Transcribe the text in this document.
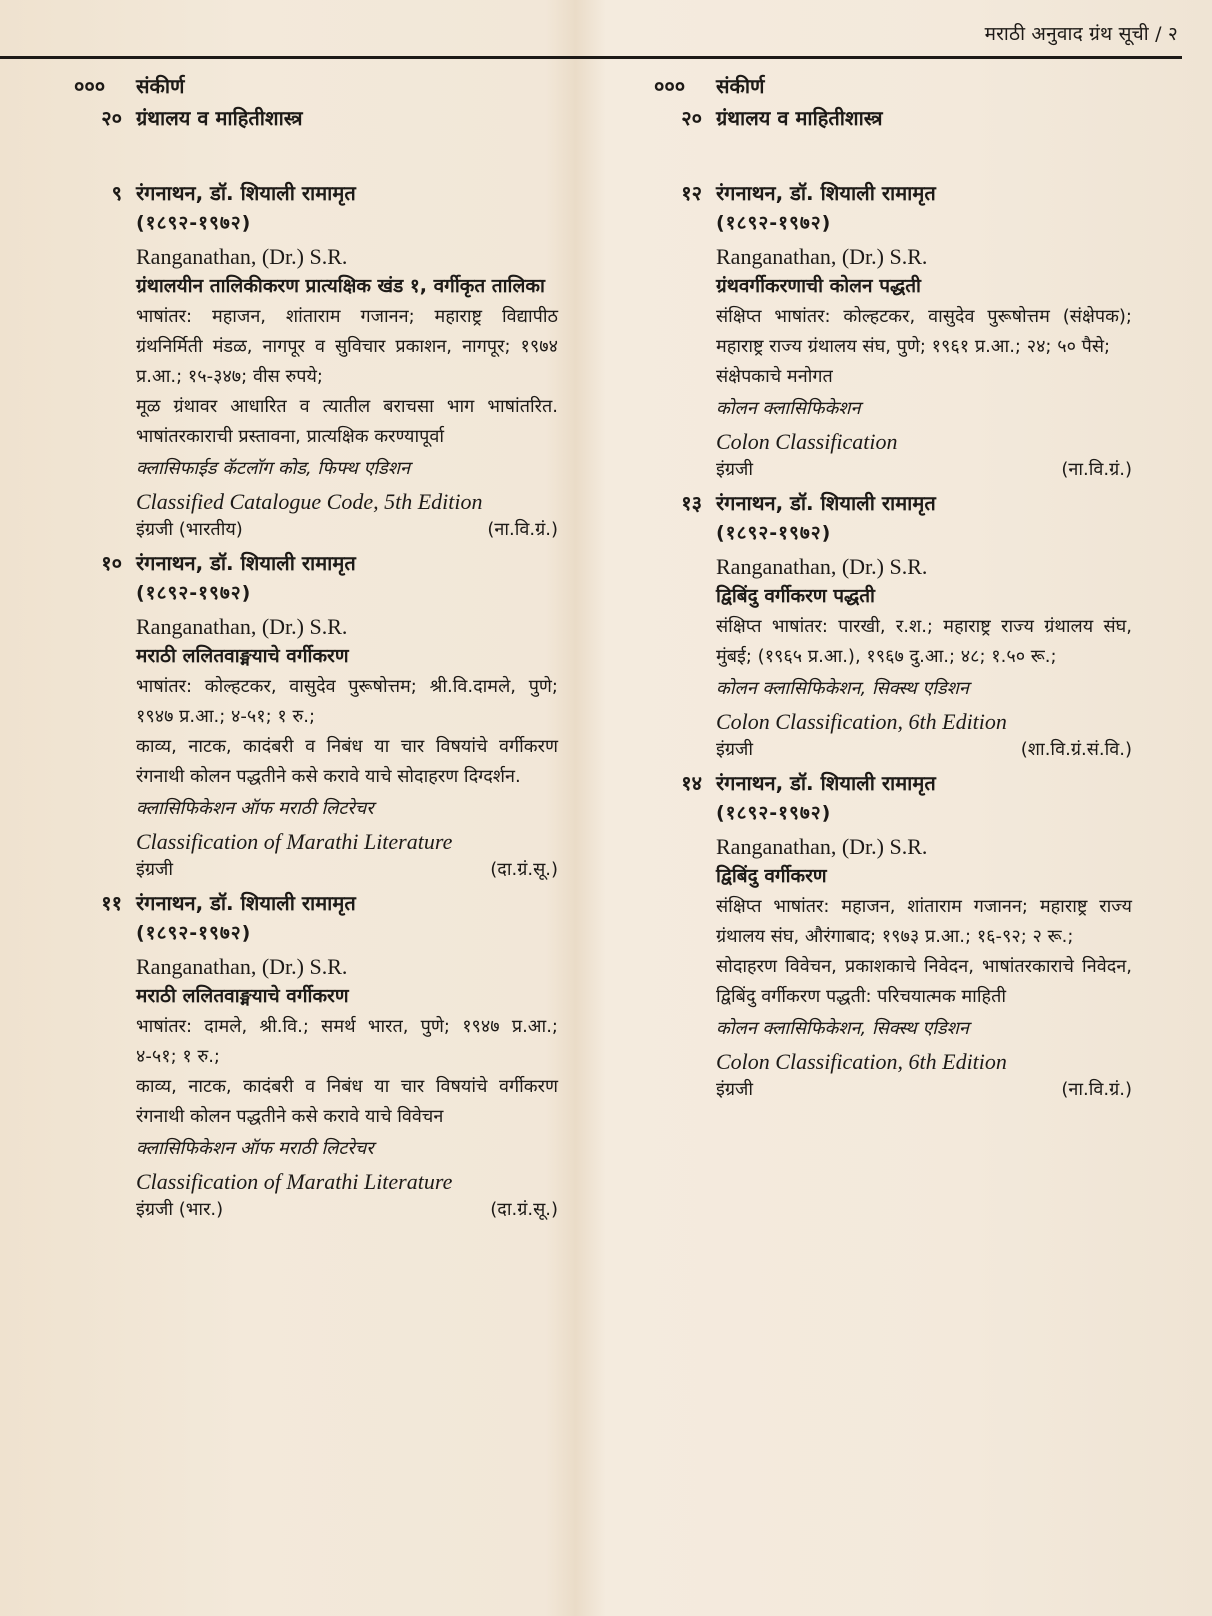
मराठी अनुवाद ग्रंथ सूची / २
०००	संकीर्ण
२० ग्रंथालय व माहितीशास्त्र
९ रंगनाथन, डॉ. शियाली रामामृत
(१८९२-१९७२)
Ranganathan, (Dr.) S.R.
ग्रंथालयीन तालिकीकरण प्रात्यक्षिक खंड १, वर्गीकृत तालिका
भाषांतर: महाजन, शांताराम गजानन; महाराष्ट्र विद्यापीठ ग्रंथनिर्मिती मंडळ, नागपूर व सुविचार प्रकाशन, नागपूर; १९७४ प्र.आ.; १५-३४७; वीस रुपये;
मूळ ग्रंथावर आधारित व त्यातील बराचसा भाग भाषांतरित. भाषांतरकाराची प्रस्तावना, प्रात्यक्षिक करण्यापूर्वा
क्लासिफाईड कॅटलॉग कोड, फिफ्थ एडिशन
Classified Catalogue Code, 5th Edition
इंग्रजी (भारतीय)	(ना.वि.ग्रं.)
१० रंगनाथन, डॉ. शियाली रामामृत
(१८९२-१९७२)
Ranganathan, (Dr.) S.R.
मराठी ललितवाङ्मयाचे वर्गीकरण
भाषांतर: कोल्हटकर, वासुदेव पुरूषोत्तम; श्री.वि.दामले, पुणे; १९४७ प्र.आ.; ४-५१; १ रु.;
काव्य, नाटक, कादंबरी व निबंध या चार विषयांचे वर्गीकरण रंगनाथी कोलन पद्धतीने कसे करावे याचे सोदाहरण दिग्दर्शन.
क्लासिफिकेशन ऑफ मराठी लिटरेचर
Classification of Marathi Literature
इंग्रजी	(दा.ग्रं.सू.)
११ रंगनाथन, डॉ. शियाली रामामृत
(१८९२-१९७२)
Ranganathan, (Dr.) S.R.
मराठी ललितवाङ्मयाचे वर्गीकरण
भाषांतर: दामले, श्री.वि.; समर्थ भारत, पुणे; १९४७ प्र.आ.; ४-५१; १ रु.;
काव्य, नाटक, कादंबरी व निबंध या चार विषयांचे वर्गीकरण रंगनाथी कोलन पद्धतीने कसे करावे याचे विवेचन
क्लासिफिकेशन ऑफ मराठी लिटरेचर
Classification of Marathi Literature
इंग्रजी (भार.)	(दा.ग्रं.सू.)
०००	संकीर्ण
२० ग्रंथालय व माहितीशास्त्र
१२ रंगनाथन, डॉ. शियाली रामामृत
(१८९२-१९७२)
Ranganathan, (Dr.) S.R.
ग्रंथवर्गीकरणाची कोलन पद्धती
संक्षिप्त भाषांतर: कोल्हटकर, वासुदेव पुरूषोत्तम (संक्षेपक); महाराष्ट्र राज्य ग्रंथालय संघ, पुणे; १९६१ प्र.आ.; २४; ५० पैसे;
संक्षेपकाचे मनोगत
कोलन क्लासिफिकेशन
Colon Classification
इंग्रजी	(ना.वि.ग्रं.)
१३ रंगनाथन, डॉ. शियाली रामामृत
(१८९२-१९७२)
Ranganathan, (Dr.) S.R.
द्विबिंदु वर्गीकरण पद्धती
संक्षिप्त भाषांतर: पारखी, र.श.; महाराष्ट्र राज्य ग्रंथालय संघ, मुंबई; (१९६५ प्र.आ.), १९६७ दु.आ.; ४८; १.५० रू.;
कोलन क्लासिफिकेशन, सिक्स्थ एडिशन
Colon Classification, 6th Edition
इंग्रजी	(शा.वि.ग्रं.सं.वि.)
१४ रंगनाथन, डॉ. शियाली रामामृत
(१८९२-१९७२)
Ranganathan, (Dr.) S.R.
द्विबिंदु वर्गीकरण
संक्षिप्त भाषांतर: महाजन, शांताराम गजानन; महाराष्ट्र राज्य ग्रंथालय संघ, औरंगाबाद; १९७३ प्र.आ.; १६-९२; २ रू.;
सोदाहरण विवेचन, प्रकाशकाचे निवेदन, भाषांतरकाराचे निवेदन, द्विबिंदु वर्गीकरण पद्धती: परिचयात्मक माहिती
कोलन क्लासिफिकेशन, सिक्स्थ एडिशन
Colon Classification, 6th Edition
इंग्रजी	(ना.वि.ग्रं.)
